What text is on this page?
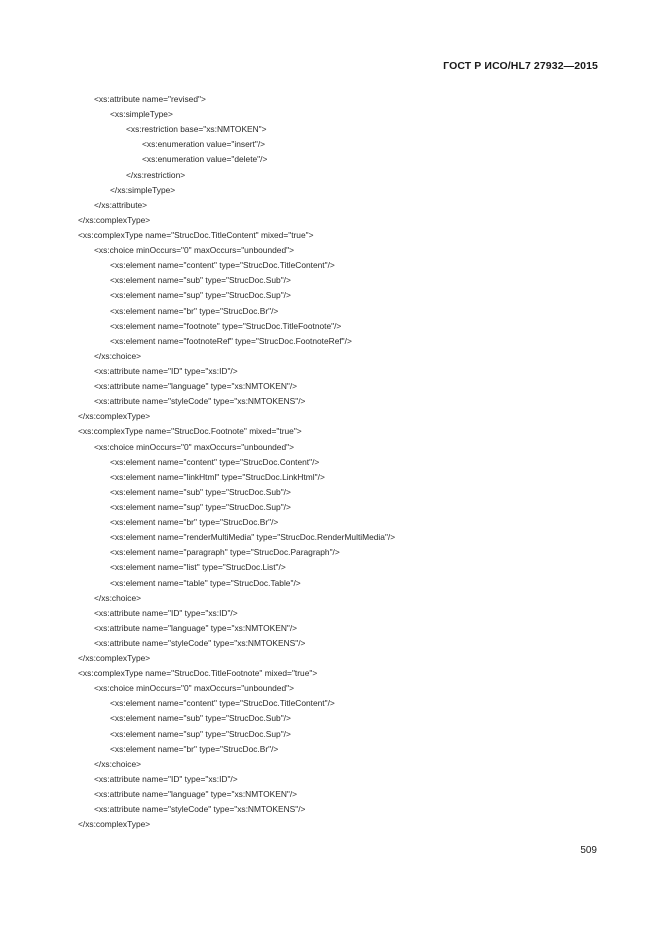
ГОСТ Р ИСО/HL7 27932—2015
<xs:attribute name="revised">
<xs:simpleType>
<xs:restriction base="xs:NMTOKEN">
<xs:enumeration value="insert"/>
<xs:enumeration value="delete"/>
</xs:restriction>
</xs:simpleType>
</xs:attribute>
</xs:complexType>
<xs:complexType name="StrucDoc.TitleContent" mixed="true">
<xs:choice minOccurs="0" maxOccurs="unbounded">
<xs:element name="content" type="StrucDoc.TitleContent"/>
<xs:element name="sub" type="StrucDoc.Sub"/>
<xs:element name="sup" type="StrucDoc.Sup"/>
<xs:element name="br" type="StrucDoc.Br"/>
<xs:element name="footnote" type="StrucDoc.TitleFootnote"/>
<xs:element name="footnoteRef" type="StrucDoc.FootnoteRef"/>
</xs:choice>
<xs:attribute name="ID" type="xs:ID"/>
<xs:attribute name="language" type="xs:NMTOKEN"/>
<xs:attribute name="styleCode" type="xs:NMTOKENS"/>
</xs:complexType>
<xs:complexType name="StrucDoc.Footnote" mixed="true">
<xs:choice minOccurs="0" maxOccurs="unbounded">
<xs:element name="content" type="StrucDoc.Content"/>
<xs:element name="linkHtml" type="StrucDoc.LinkHtml"/>
<xs:element name="sub" type="StrucDoc.Sub"/>
<xs:element name="sup" type="StrucDoc.Sup"/>
<xs:element name="br" type="StrucDoc.Br"/>
<xs:element name="renderMultiMedia" type="StrucDoc.RenderMultiMedia"/>
<xs:element name="paragraph" type="StrucDoc.Paragraph"/>
<xs:element name="list" type="StrucDoc.List"/>
<xs:element name="table" type="StrucDoc.Table"/>
</xs:choice>
<xs:attribute name="ID" type="xs:ID"/>
<xs:attribute name="language" type="xs:NMTOKEN"/>
<xs:attribute name="styleCode" type="xs:NMTOKENS"/>
</xs:complexType>
<xs:complexType name="StrucDoc.TitleFootnote" mixed="true">
<xs:choice minOccurs="0" maxOccurs="unbounded">
<xs:element name="content" type="StrucDoc.TitleContent"/>
<xs:element name="sub" type="StrucDoc.Sub"/>
<xs:element name="sup" type="StrucDoc.Sup"/>
<xs:element name="br" type="StrucDoc.Br"/>
</xs:choice>
<xs:attribute name="ID" type="xs:ID"/>
<xs:attribute name="language" type="xs:NMTOKEN"/>
<xs:attribute name="styleCode" type="xs:NMTOKENS"/>
</xs:complexType>
509
